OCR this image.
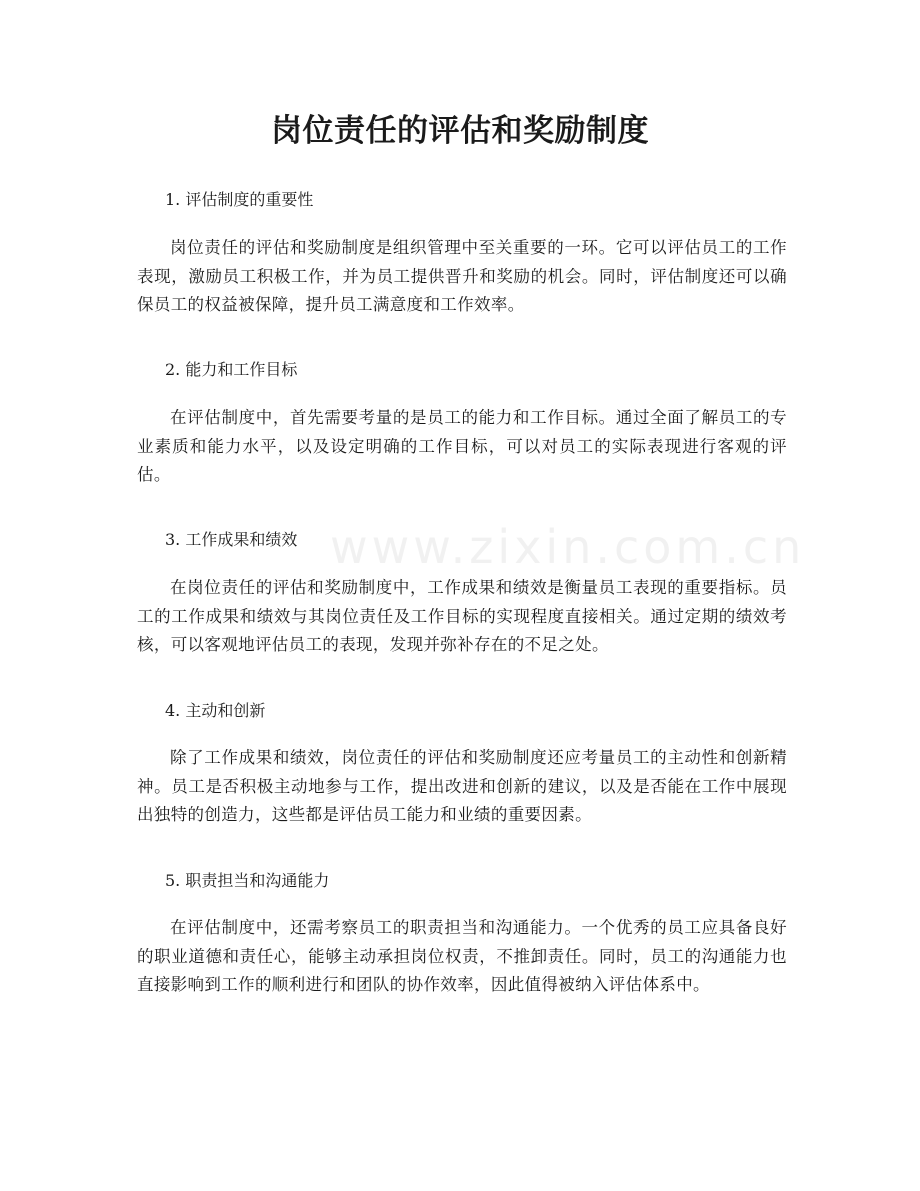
www.zixin.com.cn
岗位责任的评估和奖励制度

1. 评估制度的重要性

岗位责任的评估和奖励制度是组织管理中至关重要的一环。它可以评估员工的工作表现，激励员工积极工作，并为员工提供晋升和奖励的机会。同时，评估制度还可以确保员工的权益被保障，提升员工满意度和工作效率。

2. 能力和工作目标

在评估制度中，首先需要考量的是员工的能力和工作目标。通过全面了解员工的专业素质和能力水平，以及设定明确的工作目标，可以对员工的实际表现进行客观的评估。

3. 工作成果和绩效

在岗位责任的评估和奖励制度中，工作成果和绩效是衡量员工表现的重要指标。员工的工作成果和绩效与其岗位责任及工作目标的实现程度直接相关。通过定期的绩效考核，可以客观地评估员工的表现，发现并弥补存在的不足之处。

4. 主动和创新

除了工作成果和绩效，岗位责任的评估和奖励制度还应考量员工的主动性和创新精神。员工是否积极主动地参与工作，提出改进和创新的建议，以及是否能在工作中展现出独特的创造力，这些都是评估员工能力和业绩的重要因素。

5. 职责担当和沟通能力

在评估制度中，还需考察员工的职责担当和沟通能力。一个优秀的员工应具备良好的职业道德和责任心，能够主动承担岗位权责，不推卸责任。同时，员工的沟通能力也直接影响到工作的顺利进行和团队的协作效率，因此值得被纳入评估体系中。
